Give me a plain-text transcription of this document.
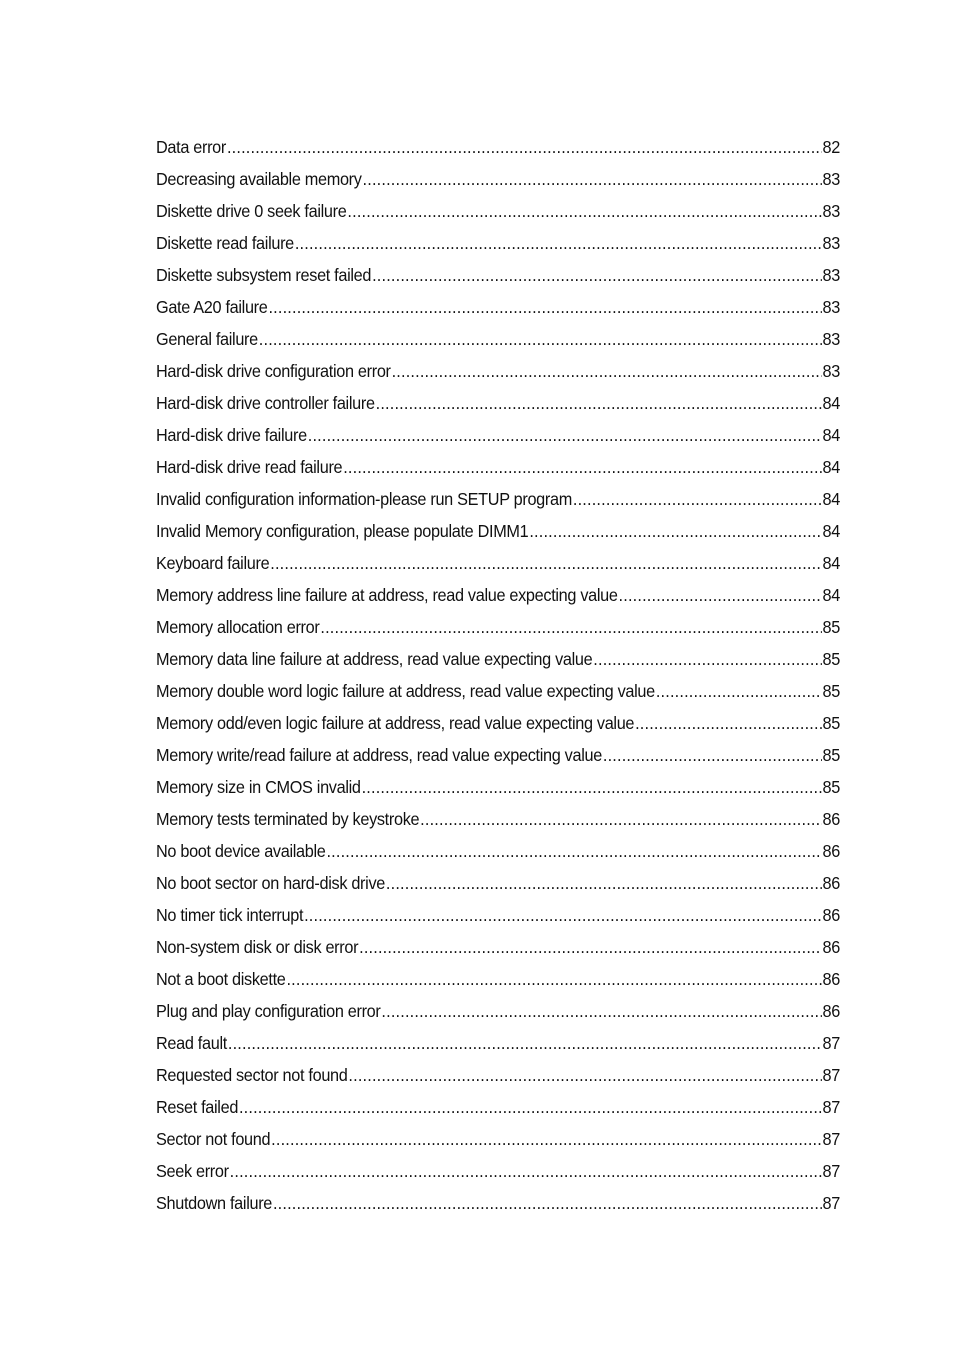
Data error .....	82
Decreasing available memory .....	83
Diskette drive 0 seek failure .....	83
Diskette read failure .....	83
Diskette subsystem reset failed .....	83
Gate A20 failure .....	83
General failure .....	83
Hard-disk drive configuration error .....	83
Hard-disk drive controller failure .....	84
Hard-disk drive failure .....	84
Hard-disk drive read failure .....	84
Invalid configuration information-please run SETUP program .....	84
Invalid Memory configuration, please populate DIMM1 .....	84
Keyboard failure .....	84
Memory address line failure at address, read value expecting value .....	84
Memory allocation error .....	85
Memory data line failure at address, read value expecting value .....	85
Memory double word logic failure at address, read value expecting value .....	85
Memory odd/even logic failure at address, read value expecting value .....	85
Memory write/read failure at address, read value expecting value .....	85
Memory size in CMOS invalid .....	85
Memory tests terminated by keystroke .....	86
No boot device available .....	86
No boot sector on hard-disk drive .....	86
No timer tick interrupt .....	86
Non-system disk or disk error .....	86
Not a boot diskette .....	86
Plug and play configuration error .....	86
Read fault .....	87
Requested sector not found .....	87
Reset failed .....	87
Sector not found .....	87
Seek error .....	87
Shutdown failure .....	87
